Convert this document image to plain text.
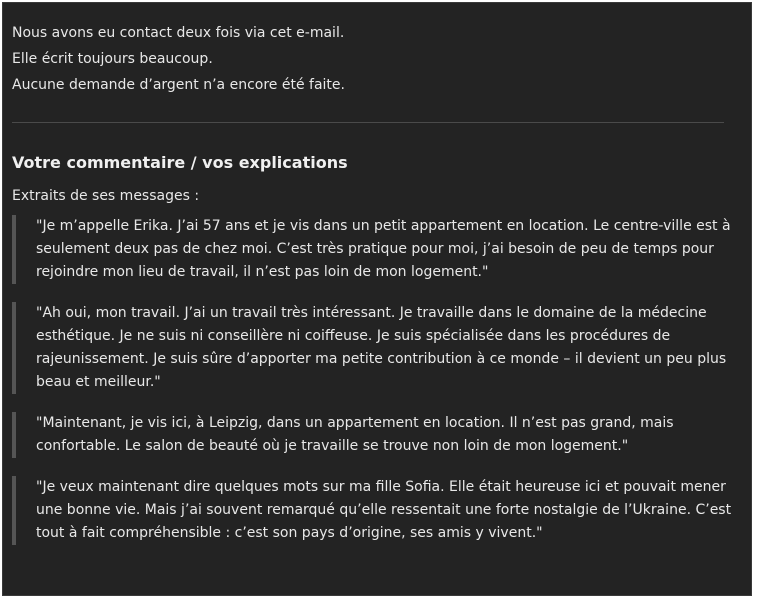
Nous avons eu contact deux fois via cet e-mail.

Elle écrit toujours beaucoup.

Aucune demande d’argent n’a encore été faite.

Votre commentaire / vos explications

Extraits de ses messages :

"Je m’appelle Erika. J’ai 57 ans et je vis dans un petit appartement en location. Le centre-ville est à seulement deux pas de chez moi. C’est très pratique pour moi, j’ai besoin de peu de temps pour rejoindre mon lieu de travail, il n’est pas loin de mon logement."
"Ah oui, mon travail. J’ai un travail très intéressant. Je travaille dans le domaine de la médecine esthétique. Je ne suis ni conseillère ni coiffeuse. Je suis spécialisée dans les procédures de rajeunissement. Je suis sûre d’apporter ma petite contribution à ce monde – il devient un peu plus beau et meilleur."
"Maintenant, je vis ici, à Leipzig, dans un appartement en location. Il n’est pas grand, mais confortable. Le salon de beauté où je travaille se trouve non loin de mon logement."
"Je veux maintenant dire quelques mots sur ma fille Sofia. Elle était heureuse ici et pouvait mener une bonne vie. Mais j’ai souvent remarqué qu’elle ressentait une forte nostalgie de l’Ukraine. C’est tout à fait compréhensible : c’est son pays d’origine, ses amis y vivent."
